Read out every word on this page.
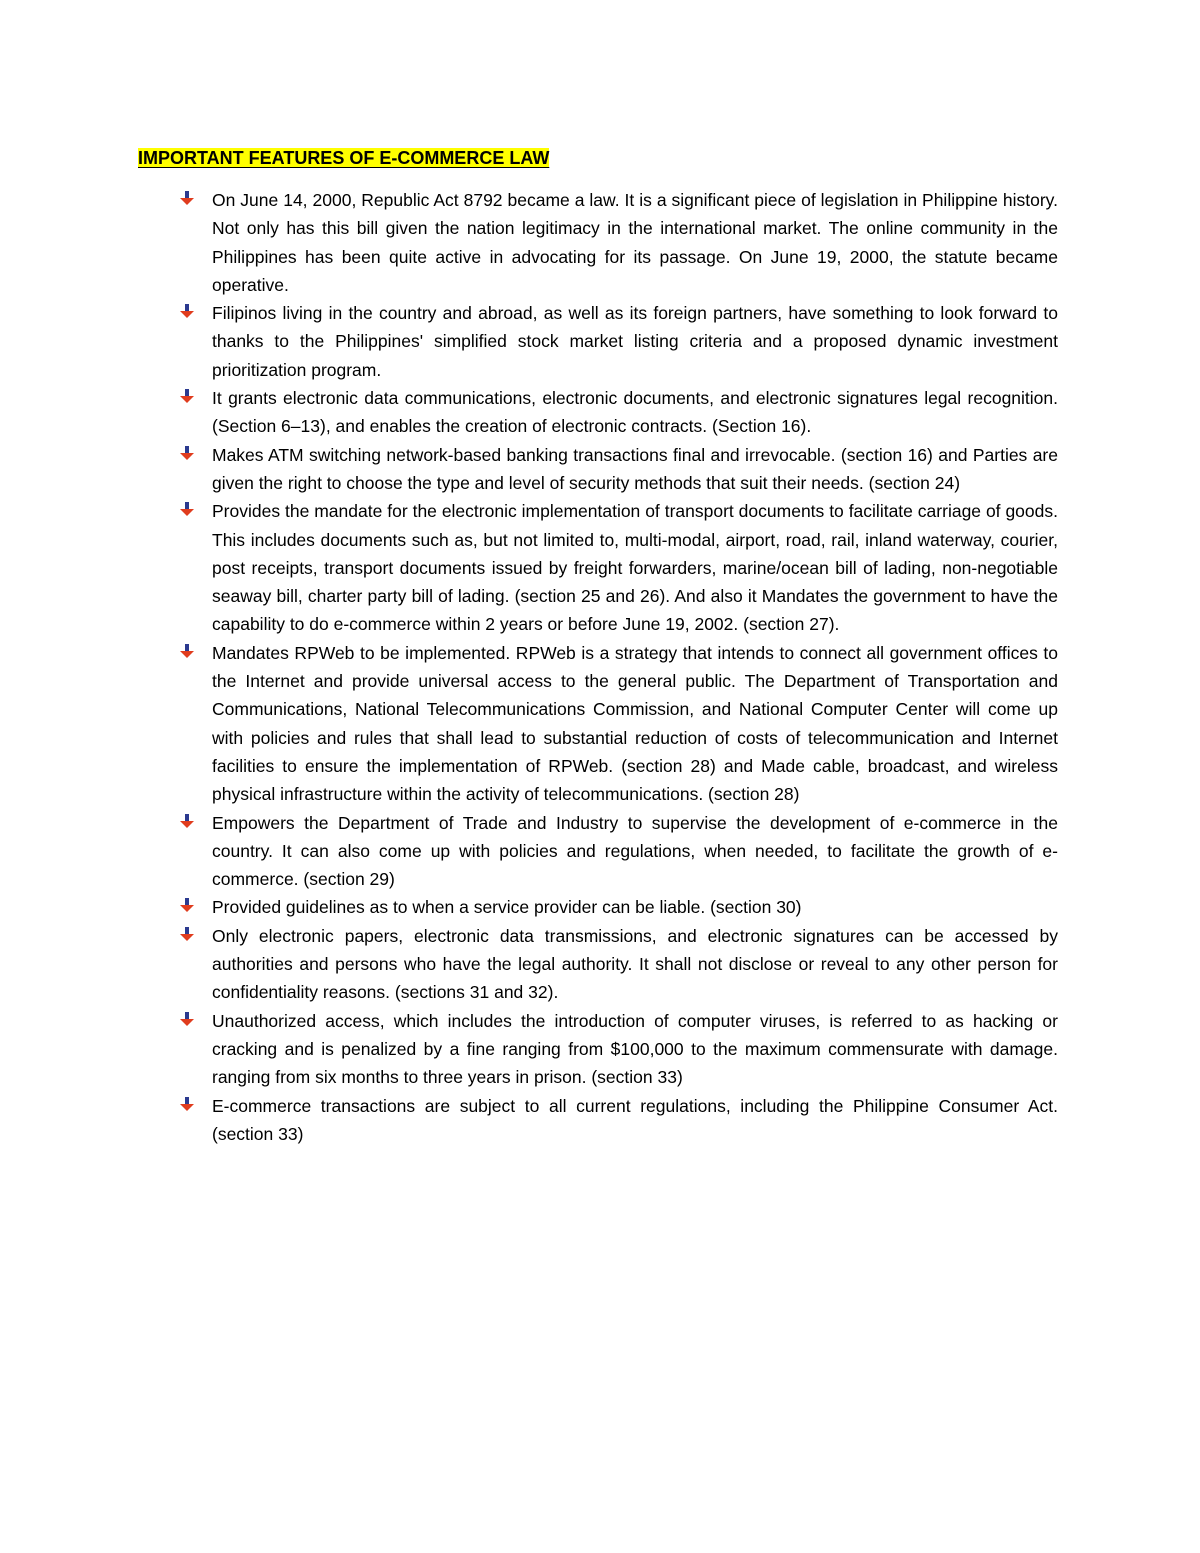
IMPORTANT FEATURES OF E-COMMERCE LAW
On June 14, 2000, Republic Act 8792 became a law. It is a significant piece of legislation in Philippine history. Not only has this bill given the nation legitimacy in the international market. The online community in the Philippines has been quite active in advocating for its passage. On June 19, 2000, the statute became operative.
Filipinos living in the country and abroad, as well as its foreign partners, have something to look forward to thanks to the Philippines' simplified stock market listing criteria and a proposed dynamic investment prioritization program.
It grants electronic data communications, electronic documents, and electronic signatures legal recognition. (Section 6–13), and enables the creation of electronic contracts. (Section 16).
Makes ATM switching network-based banking transactions final and irrevocable. (section 16) and Parties are given the right to choose the type and level of security methods that suit their needs. (section 24)
Provides the mandate for the electronic implementation of transport documents to facilitate carriage of goods. This includes documents such as, but not limited to, multi-modal, airport, road, rail, inland waterway, courier, post receipts, transport documents issued by freight forwarders, marine/ocean bill of lading, non-negotiable seaway bill, charter party bill of lading. (section 25 and 26). And also it Mandates the government to have the capability to do e-commerce within 2 years or before June 19, 2002. (section 27).
Mandates RPWeb to be implemented. RPWeb is a strategy that intends to connect all government offices to the Internet and provide universal access to the general public. The Department of Transportation and Communications, National Telecommunications Commission, and National Computer Center will come up with policies and rules that shall lead to substantial reduction of costs of telecommunication and Internet facilities to ensure the implementation of RPWeb. (section 28) and Made cable, broadcast, and wireless physical infrastructure within the activity of telecommunications. (section 28)
Empowers the Department of Trade and Industry to supervise the development of e-commerce in the country. It can also come up with policies and regulations, when needed, to facilitate the growth of e-commerce. (section 29)
Provided guidelines as to when a service provider can be liable. (section 30)
Only electronic papers, electronic data transmissions, and electronic signatures can be accessed by authorities and persons who have the legal authority. It shall not disclose or reveal to any other person for confidentiality reasons. (sections 31 and 32).
Unauthorized access, which includes the introduction of computer viruses, is referred to as hacking or cracking and is penalized by a fine ranging from $100,000 to the maximum commensurate with damage. ranging from six months to three years in prison. (section 33)
E-commerce transactions are subject to all current regulations, including the Philippine Consumer Act. (section 33)
